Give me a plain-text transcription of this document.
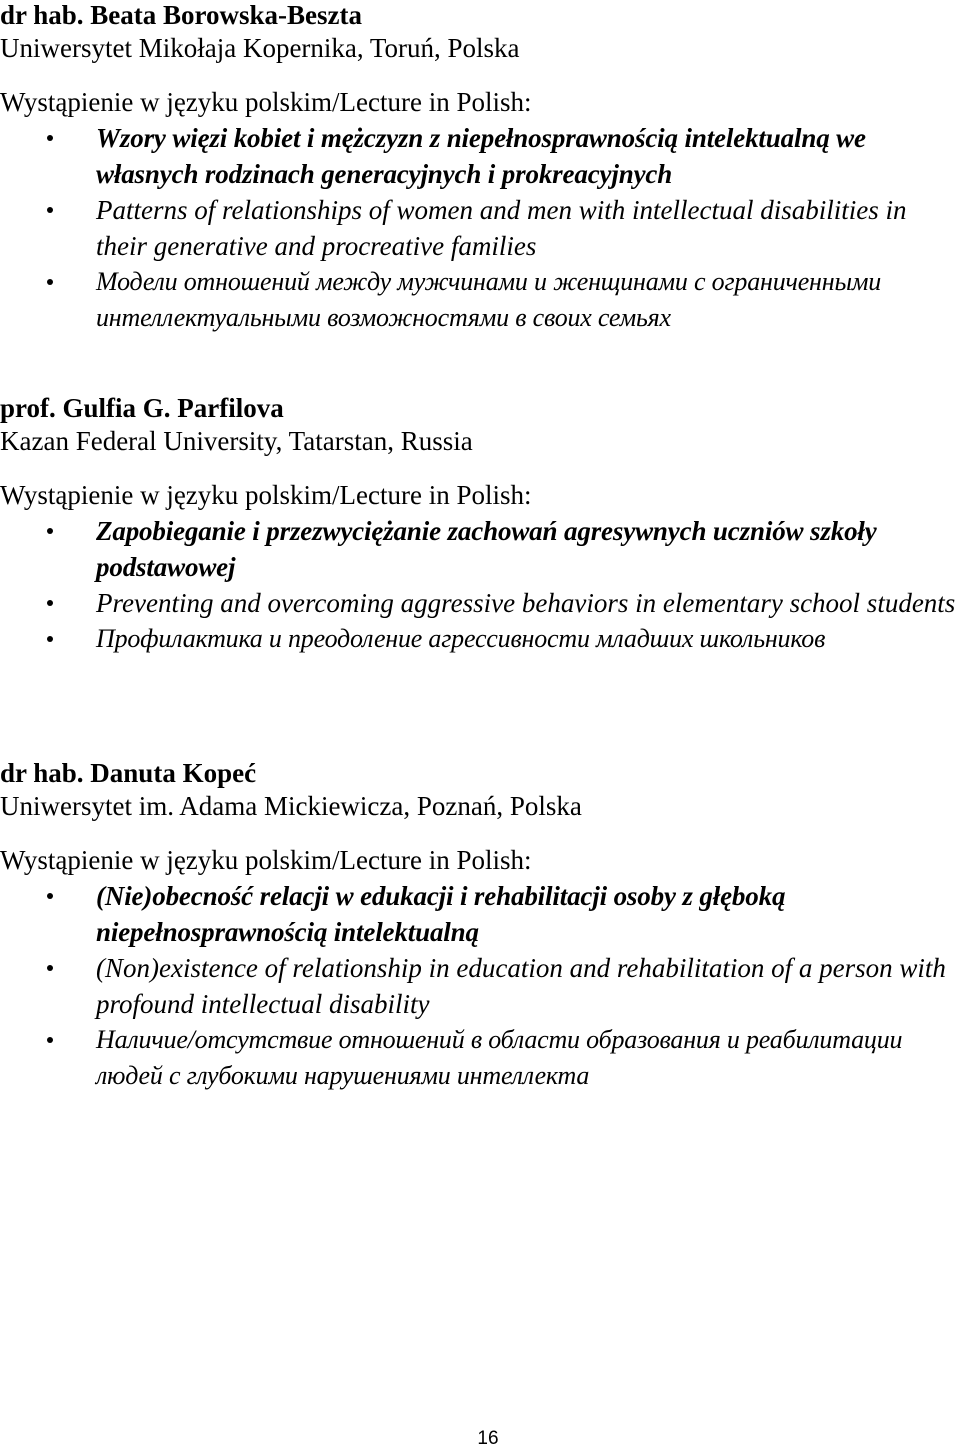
dr hab. Beata Borowska-Beszta

Uniwersytet Mikołaja Kopernika, Toruń, Polska

Wystąpienie w języku polskim/Lecture in Polish:

Wzory więzi kobiet i mężczyzn z niepełnosprawnością intelektualną we własnych rodzinach generacyjnych i prokreacyjnych
Patterns of relationships of women and men with intellectual disabilities in their generative and procreative families
Модели отношений между мужчинами и женщинами с ограниченными интеллектуальными возможностями в своих семьях

prof. Gulfia G. Parfilova

Kazan Federal University, Tatarstan, Russia

Wystąpienie w języku polskim/Lecture in Polish:

Zapobieganie i przezwyciężanie zachowań agresywnych uczniów szkoły podstawowej
Preventing and overcoming aggressive behaviors in elementary school students
Профилактика и преодоление агрессивности младших школьников

dr hab. Danuta Kopeć

Uniwersytet im. Adama Mickiewicza, Poznań, Polska

Wystąpienie w języku polskim/Lecture in Polish:

(Nie)obecność relacji w edukacji i rehabilitacji osoby z głęboką niepełnosprawnością intelektualną
(Non)existence of relationship in education and rehabilitation of a person with profound intellectual disability
Наличие/отсутствие отношений в области образования и реабилитации людей с глубокими нарушениями интеллекта
16
